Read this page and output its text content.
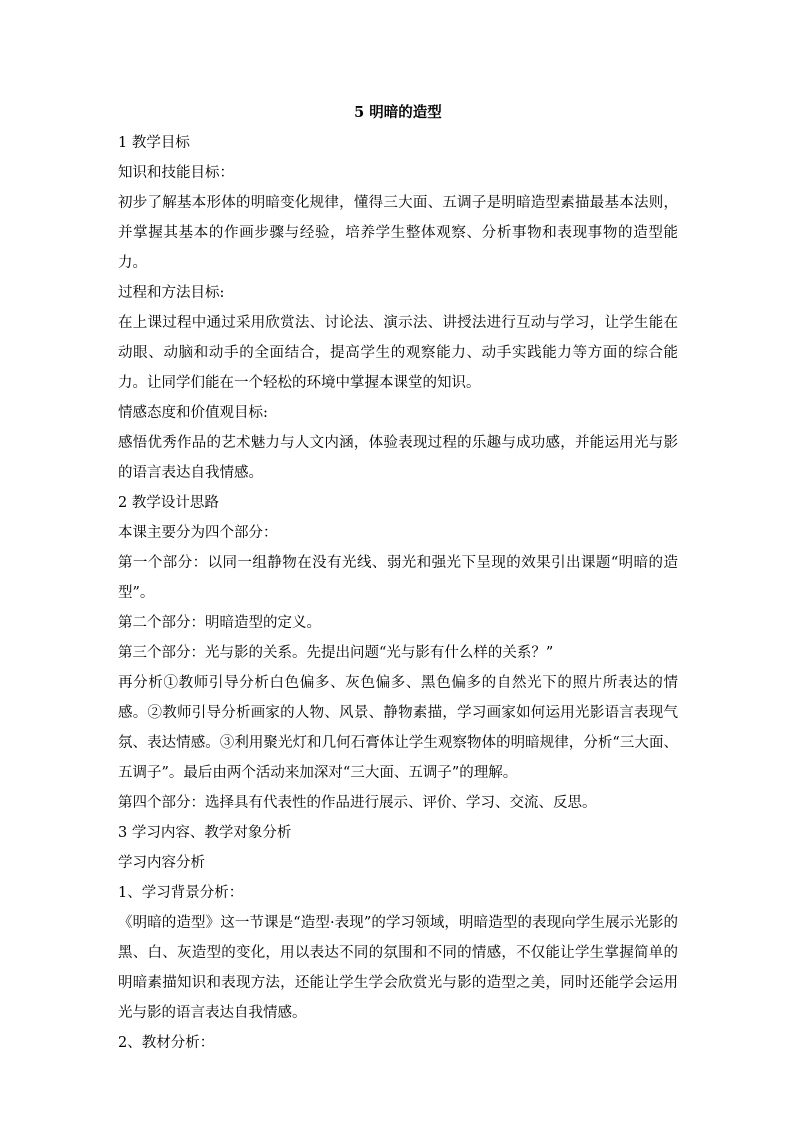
5 明暗的造型

1 教学目标

知识和技能目标：

初步了解基本形体的明暗变化规律，懂得三大面、五调子是明暗造型素描最基本法则，并掌握其基本的作画步骤与经验，培养学生整体观察、分析事物和表现事物的造型能力。

过程和方法目标:

在上课过程中通过采用欣赏法、讨论法、演示法、讲授法进行互动与学习，让学生能在动眼、动脑和动手的全面结合，提高学生的观察能力、动手实践能力等方面的综合能力。让同学们能在一个轻松的环境中掌握本课堂的知识。

情感态度和价值观目标:

感悟优秀作品的艺术魅力与人文内涵，体验表现过程的乐趣与成功感，并能运用光与影的语言表达自我情感。

2 教学设计思路

本课主要分为四个部分：

第一个部分：以同一组静物在没有光线、弱光和强光下呈现的效果引出课题“明暗的造型”。

第二个部分：明暗造型的定义。

第三个部分：光与影的关系。先提出问题“光与影有什么样的关系？”

再分析①教师引导分析白色偏多、灰色偏多、黑色偏多的自然光下的照片所表达的情感。②教师引导分析画家的人物、风景、静物素描，学习画家如何运用光影语言表现气氛、表达情感。③利用聚光灯和几何石膏体让学生观察物体的明暗规律，分析“三大面、五调子”。最后由两个活动来加深对“三大面、五调子”的理解。

第四个部分：选择具有代表性的作品进行展示、评价、学习、交流、反思。

3 学习内容、教学对象分析

学习内容分析

1、学习背景分析：

《明暗的造型》这一节课是“造型·表现”的学习领域，明暗造型的表现向学生展示光影的黑、白、灰造型的变化，用以表达不同的氛围和不同的情感，不仅能让学生掌握简单的明暗素描知识和表现方法，还能让学生学会欣赏光与影的造型之美，同时还能学会运用光与影的语言表达自我情感。

2、教材分析：
